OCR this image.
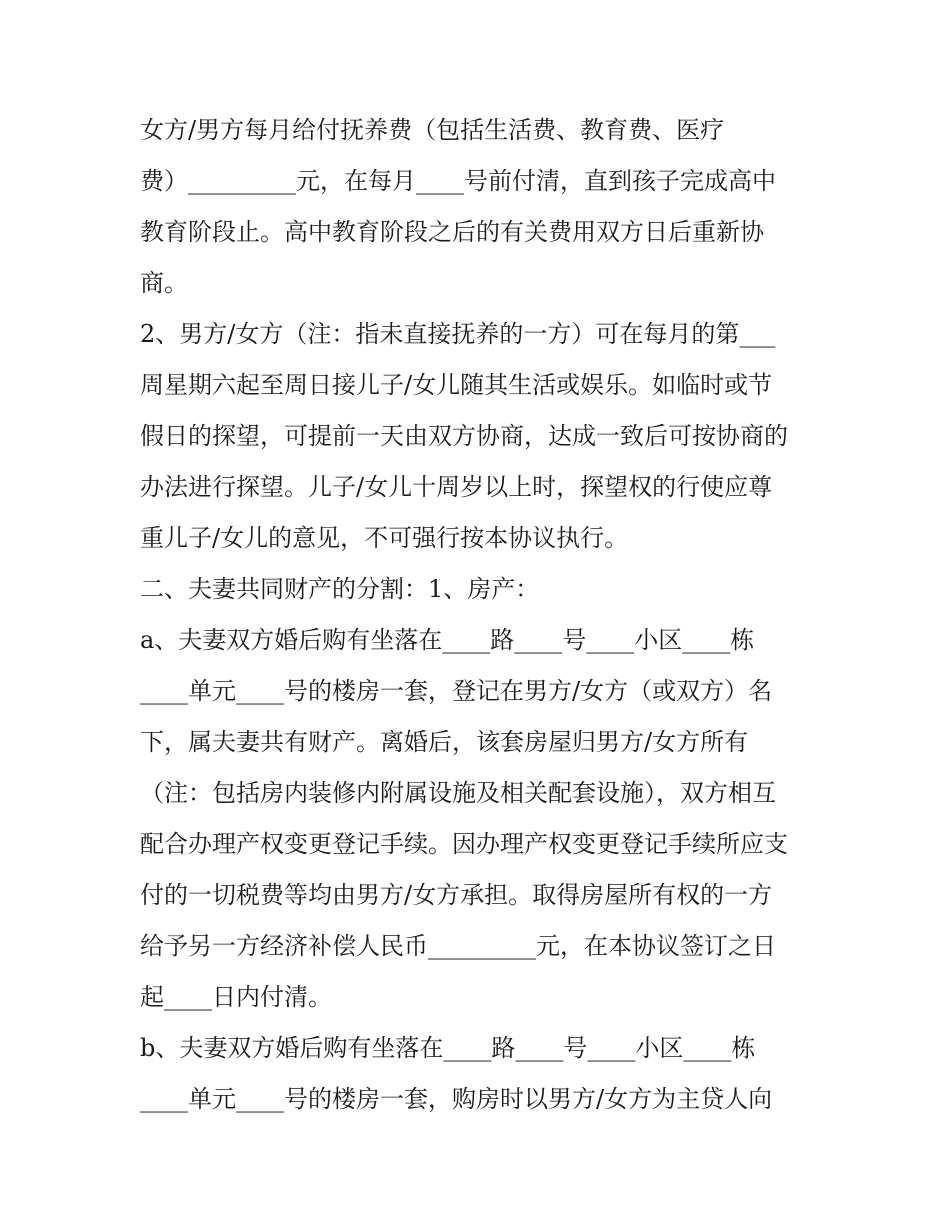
女方/男方每月给付抚养费（包括生活费、教育费、医疗
费）_________元，在每月____号前付清，直到孩子完成高中
教育阶段止。高中教育阶段之后的有关费用双方日后重新协
商。
2、男方/女方（注：指未直接抚养的一方）可在每月的第___
周星期六起至周日接儿子/女儿随其生活或娱乐。如临时或节
假日的探望，可提前一天由双方协商，达成一致后可按协商的
办法进行探望。儿子/女儿十周岁以上时，探望权的行使应尊
重儿子/女儿的意见，不可强行按本协议执行。
二、夫妻共同财产的分割：1、房产：
a、夫妻双方婚后购有坐落在____路____号____小区____栋
____单元____号的楼房一套，登记在男方/女方（或双方）名
下，属夫妻共有财产。离婚后，该套房屋归男方/女方所有
（注：包括房内装修内附属设施及相关配套设施），双方相互
配合办理产权变更登记手续。因办理产权变更登记手续所应支
付的一切税费等均由男方/女方承担。取得房屋所有权的一方
给予另一方经济补偿人民币_________元，在本协议签订之日
起____日内付清。
b、夫妻双方婚后购有坐落在____路____号____小区____栋
____单元____号的楼房一套，购房时以男方/女方为主贷人向
